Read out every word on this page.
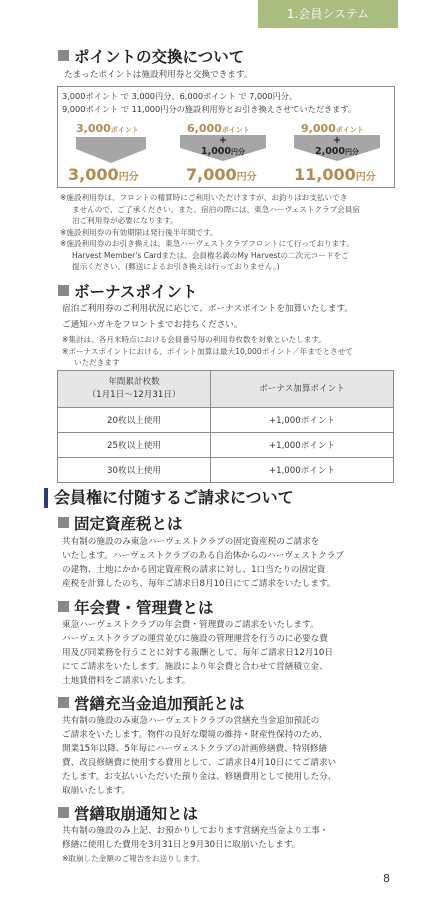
1.会員システム
ポイントの交換について

たまったポイントは施設利用券と交換できます。

3,000ポイント で 3,000円分、6,000ポイント で 7,000円分、
9,000ポイント で 11,000円分の施設利用券とお引き換えさせていただきます。
3,000ポイント	6,000ポイント	9,000ポイント
+
1,000円分
+
2,000円分
3,000円分	7,000円分 11,000円分
※施設利用券は、フロントの精算時にご利用いただけますが、お釣りはお支払いでき
ませんので、ご了承ください。また、宿泊の際には、東急ハーヴェストクラブ会員宿
泊ご利用券が必要になります。
※施設利用券の有効期限は発行後半年間です。
※施設利用券のお引き換えは、東急ハーヴェストクラブフロントにて行っております。
Harvest Member's Cardまたは、会員権名義のMy Harvestの二次元コードをご
提示ください。(郵送によるお引き換えは行っておりません。)
ボーナスポイント

宿泊ご利用券のご利用状況に応じて、ボーナスポイントを加算いたします。

ご通知ハガキをフロントまでお持ちください。

※集計は、各月末時点における会員番号毎の利用券枚数を対象といたします。
※ボーナスポイントにおける、ポイント加算は最大10,000ポイント／年までとさせて
いただきます
年間累計枚数
（1月1日〜12月31日）	ボーナス加算ポイント
20枚以上使用	+1,000ポイント
25枚以上使用	+1,000ポイント
30枚以上使用	+1,000ポイント
会員権に付随するご請求について
固定資産税とは
共有制の施設のみ東急ハーヴェストクラブの固定資産税のご請求を
いたします。ハーヴェストクラブのある自治体からのハーヴェストクラブ
の建物、土地にかかる固定資産税の請求に対し、1口当たりの固定資
産税を計算したのち、毎年ご請求日8月10日にてご請求をいたします。
年会費・管理費とは
東急ハーヴェストクラブの年会費・管理費のご請求をいたします。
ハーヴェストクラブの運営並びに施設の管理運営を行うのに必要な費
用及び同業務を行うことに対する報酬として、毎年ご請求日12月10日
にてご請求をいたします。施設により年会費と合わせて営繕積立金、
土地賃借料をご請求いたします。
営繕充当金追加預託とは
共有制の施設のみ東急ハーヴェストクラブの営繕充当金追加預託の
ご請求をいたします。物件の良好な環境の維持・財産性保持のため、
開業15年以降、5年毎にハーヴェストクラブの計画修繕費、特別修繕
費、改良修繕費に使用する費用として、ご請求日4月10日にてご請求い
たします。お支払いいただいた預り金は、修繕費用として使用した分、
取崩いたします。
営繕取崩通知とは
共有制の施設のみ上記、お預かりしております営繕充当金より工事・
修繕に使用した費用を3月31日と9月30日に取崩いたします。
※取崩した金額のご報告をお送りします。
8
